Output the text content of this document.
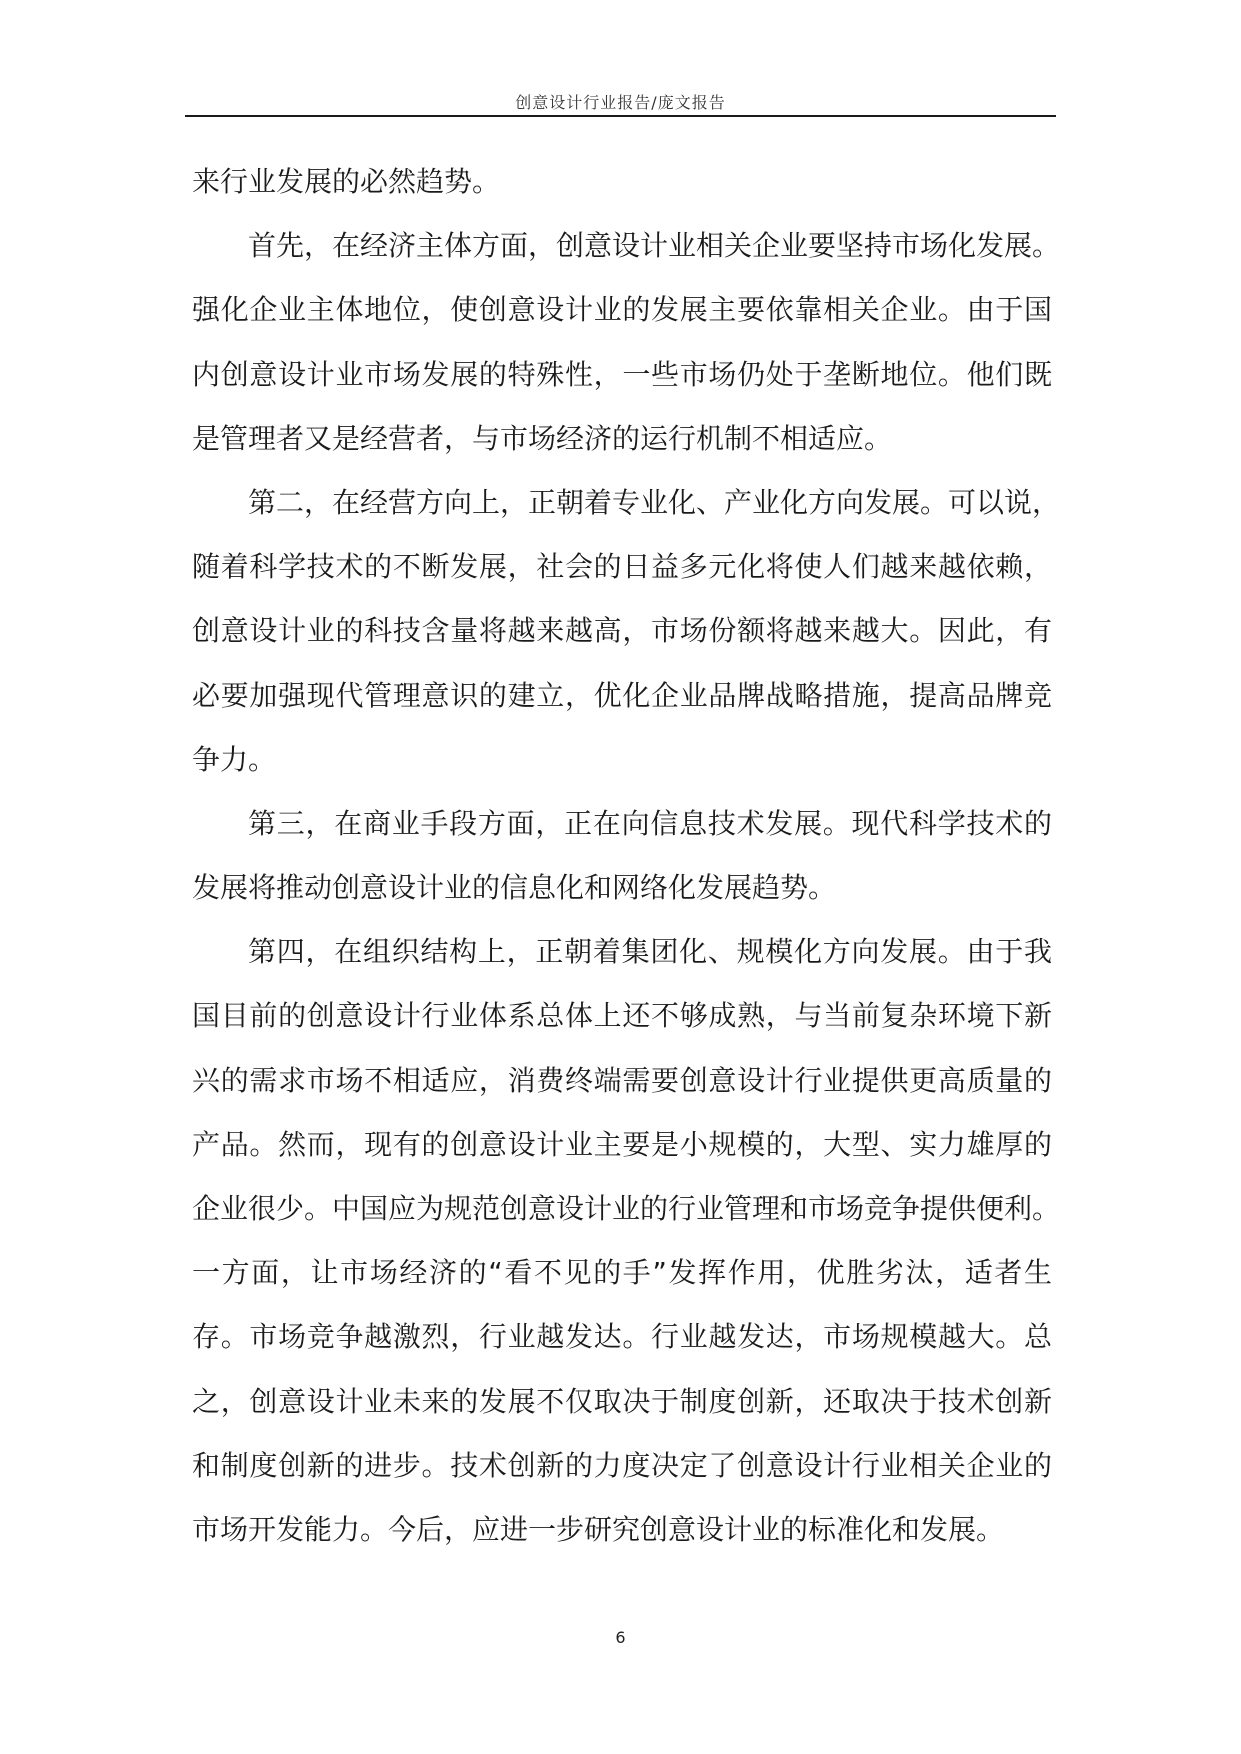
创意设计行业报告/庞文报告
来行业发展的必然趋势。
首先，在经济主体方面，创意设计业相关企业要坚持市场化发展。
强化企业主体地位，使创意设计业的发展主要依靠相关企业。由于国
内创意设计业市场发展的特殊性，一些市场仍处于垄断地位。他们既
是管理者又是经营者，与市场经济的运行机制不相适应。
第二，在经营方向上，正朝着专业化、产业化方向发展。可以说，
随着科学技术的不断发展，社会的日益多元化将使人们越来越依赖，
创意设计业的科技含量将越来越高，市场份额将越来越大。因此，有
必要加强现代管理意识的建立，优化企业品牌战略措施，提高品牌竞
争力。
第三，在商业手段方面，正在向信息技术发展。现代科学技术的
发展将推动创意设计业的信息化和网络化发展趋势。
第四，在组织结构上，正朝着集团化、规模化方向发展。由于我
国目前的创意设计行业体系总体上还不够成熟，与当前复杂环境下新
兴的需求市场不相适应，消费终端需要创意设计行业提供更高质量的
产品。然而，现有的创意设计业主要是小规模的，大型、实力雄厚的
企业很少。中国应为规范创意设计业的行业管理和市场竞争提供便利。
一方面，让市场经济的“看不见的手”发挥作用，优胜劣汰，适者生
存。市场竞争越激烈，行业越发达。行业越发达，市场规模越大。总
之，创意设计业未来的发展不仅取决于制度创新，还取决于技术创新
和制度创新的进步。技术创新的力度决定了创意设计行业相关企业的
市场开发能力。今后，应进一步研究创意设计业的标准化和发展。
6
